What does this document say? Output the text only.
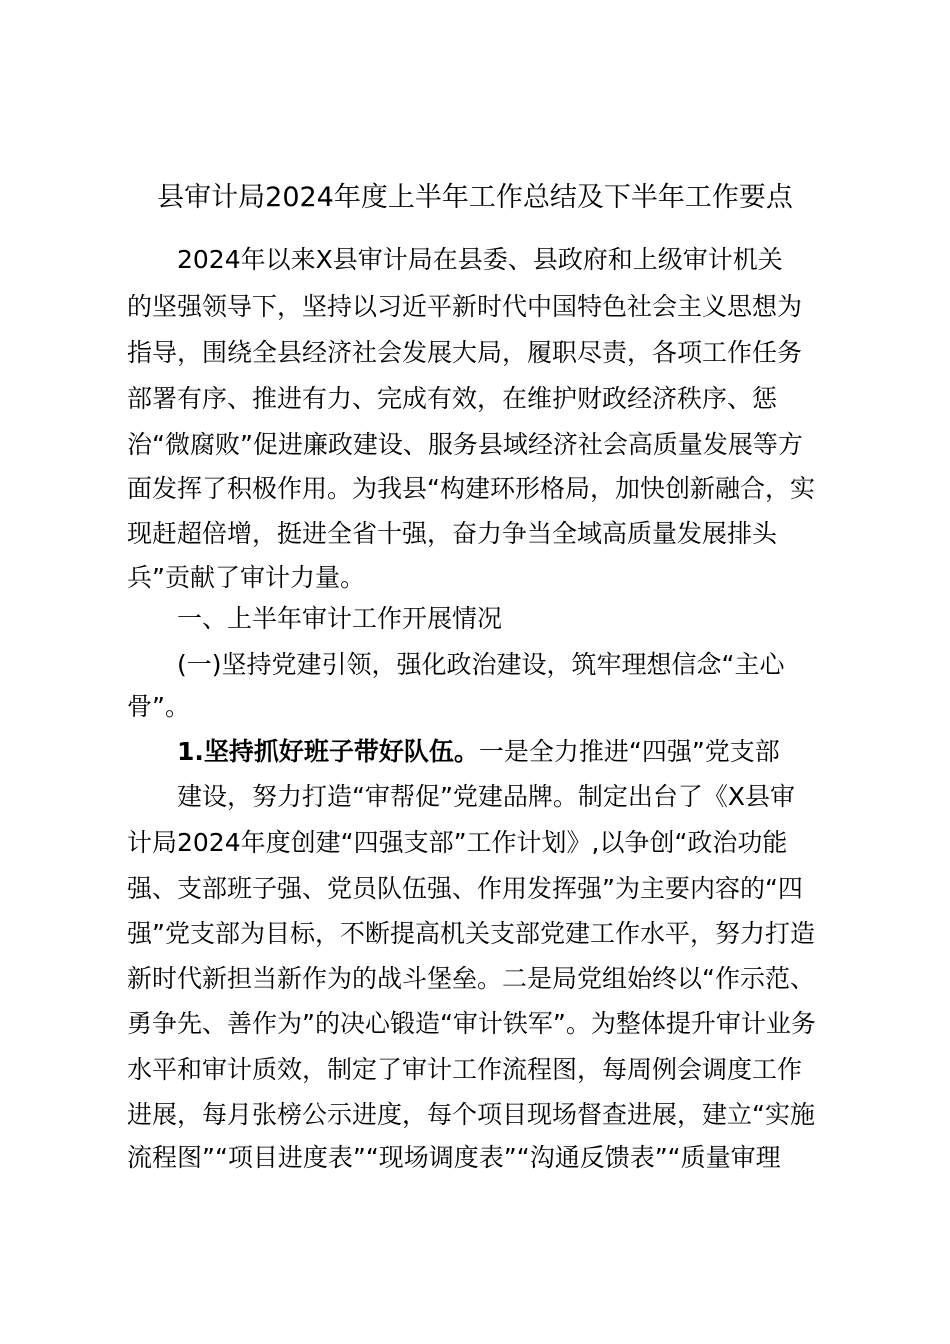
县审计局2024年度上半年工作总结及下半年工作要点
2024年以来X县审计局在县委、县政府和上级审计机关
的坚强领导下，坚持以习近平新时代中国特色社会主义思想为
指导，围绕全县经济社会发展大局，履职尽责，各项工作任务
部署有序、推进有力、完成有效，在维护财政经济秩序、惩
治“微腐败”促进廉政建设、服务县域经济社会高质量发展等方
面发挥了积极作用。为我县“构建环形格局，加快创新融合，实
现赶超倍增，挺进全省十强，奋力争当全域高质量发展排头
兵”贡献了审计力量。
一、上半年审计工作开展情况
(一)坚持党建引领，强化政治建设，筑牢理想信念“主心
骨”。
1.坚持抓好班子带好队伍。一是全力推进“四强”党支部
建设，努力打造“审帮促”党建品牌。制定出台了《X县审
计局2024年度创建“四强支部”工作计划》,以争创“政治功能
强、支部班子强、党员队伍强、作用发挥强”为主要内容的“四
强”党支部为目标，不断提高机关支部党建工作水平，努力打造
新时代新担当新作为的战斗堡垒。二是局党组始终以“作示范、
勇争先、善作为”的决心锻造“审计铁军”。为整体提升审计业务
水平和审计质效，制定了审计工作流程图，每周例会调度工作
进展，每月张榜公示进度，每个项目现场督查进展，建立“实施
流程图”“项目进度表”“现场调度表”“沟通反馈表”“质量审理
